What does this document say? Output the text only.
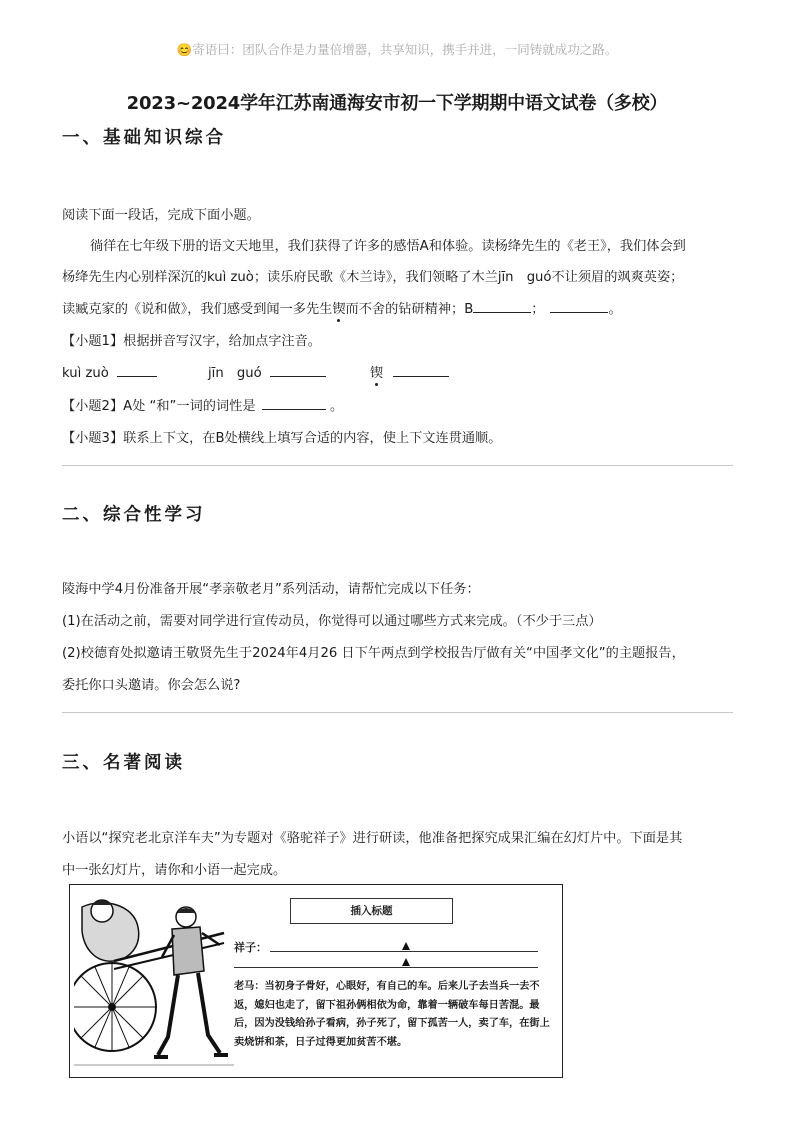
😊寄语曰：团队合作是力量倍增器，共享知识，携手并进，一同铸就成功之路。
2023~2024学年江苏南通海安市初一下学期期中语文试卷（多校）
一、基础知识综合
阅读下面一段话，完成下面小题。
徜徉在七年级下册的语文天地里，我们获得了许多的感悟A和体验。读杨绛先生的《老王》，我们体会到
杨绛先生内心别样深沉的kuì zuò；读乐府民歌《木兰诗》，我们领略了木兰jīn　guó不让须眉的飒爽英姿；
读臧克家的《说和做》，我们感受到闻一多先生锲而不舍的钻研精神；B	；	。
【小题1】根据拼音写汉字，给加点字注音。
kuì zuò	jīn　guó	锲
【小题2】A处 “和”一词的词性是	。
【小题3】联系上下文，在B处横线上填写合适的内容，使上下文连贯通顺。
二、综合性学习
陵海中学4月份准备开展“孝亲敬老月”系列活动，请帮忙完成以下任务：
(1)在活动之前，需要对同学进行宣传动员，你觉得可以通过哪些方式来完成。（不少于三点）
(2)校德育处拟邀请王敬贤先生于2024年4月26 日下午两点到学校报告厅做有关“中国孝文化”的主题报告，
委托你口头邀请。你会怎么说?
三、名著阅读
小语以“探究老北京洋车夫”为专题对《骆驼祥子》进行研读，他准备把探究成果汇编在幻灯片中。下面是其
中一张幻灯片，请你和小语一起完成。
插入标题
祥子：
老马：当初身子骨好，心眼好，有自己的车。后来儿子去当兵一去不返，媳妇也走了，留下祖孙俩相依为命，靠着一辆破车每日苦混。最后，因为没钱给孙子看病，孙子死了，留下孤苦一人，卖了车，在街上卖烧饼和茶，日子过得更加贫苦不堪。
